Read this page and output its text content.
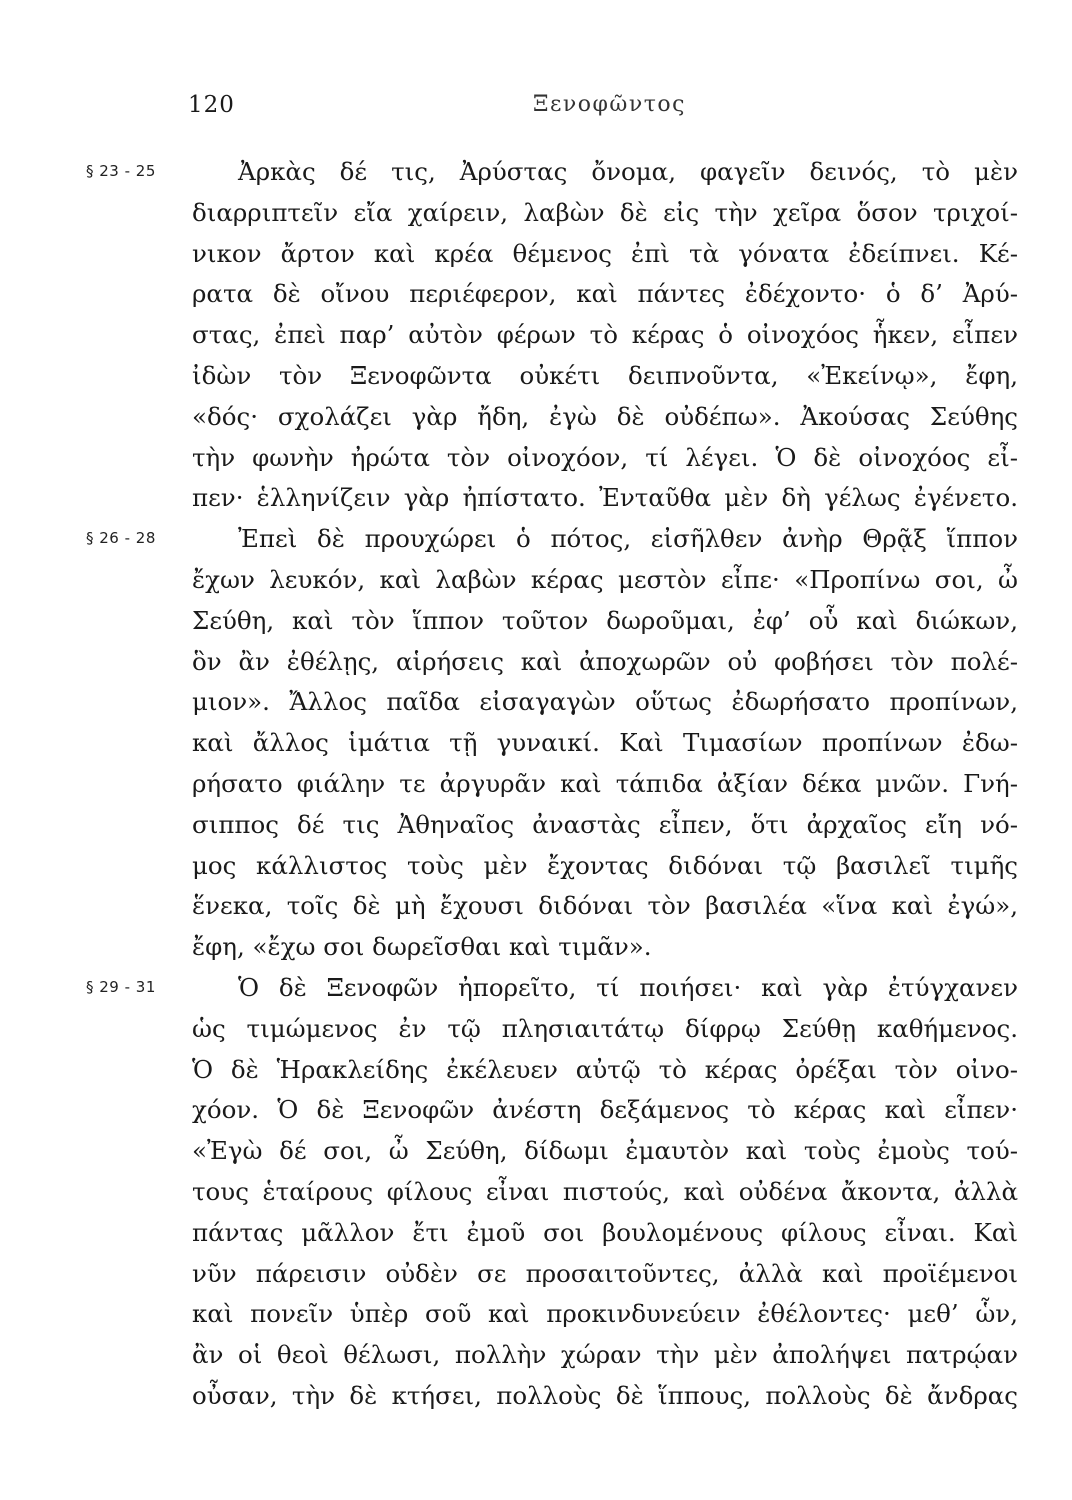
120	Ξενοφῶντος
§ 23 - 25
§ 26 - 28
§ 29 - 31
Ἀρκὰς δέ τις, Ἀρύστας ὄνομα, φαγεῖν δεινός, τὸ μὲν
διαρριπτεῖν εἴα χαίρειν, λαβὼν δὲ εἰς τὴν χεῖρα ὅσον τριχοί-
νικον ἄρτον καὶ κρέα θέμενος ἐπὶ τὰ γόνατα ἐδείπνει. Κέ-
ρατα δὲ οἴνου περιέφερον, καὶ πάντες ἐδέχοντο· ὁ δ’ Ἀρύ-
στας, ἐπεὶ παρ’ αὐτὸν φέρων τὸ κέρας ὁ οἰνοχόος ἧκεν, εἶπεν
ἰδὼν τὸν Ξενοφῶντα οὐκέτι δειπνοῦντα, «Ἐκείνῳ», ἔφη,
«δός· σχολάζει γὰρ ἤδη, ἐγὼ δὲ οὐδέπω». Ἀκούσας Σεύθης
τὴν φωνὴν ἠρώτα τὸν οἰνοχόον, τί λέγει. Ὁ δὲ οἰνοχόος εἶ-
πεν· ἑλληνίζειν γὰρ ἠπίστατο. Ἐνταῦθα μὲν δὴ γέλως ἐγένετο.
Ἐπεὶ δὲ προυχώρει ὁ πότος, εἰσῆλθεν ἀνὴρ Θρᾷξ ἵππον
ἔχων λευκόν, καὶ λαβὼν κέρας μεστὸν εἶπε· «Προπίνω σοι, ὦ
Σεύθη, καὶ τὸν ἵππον τοῦτον δωροῦμαι, ἐφ’ οὗ καὶ διώκων,
ὃν ἂν ἐθέλῃς, αἱρήσεις καὶ ἀποχωρῶν οὐ φοβήσει τὸν πολέ-
μιον». Ἄλλος παῖδα εἰσαγαγὼν οὕτως ἐδωρήσατο προπίνων,
καὶ ἄλλος ἱμάτια τῇ γυναικί. Καὶ Τιμασίων προπίνων ἐδω-
ρήσατο φιάλην τε ἀργυρᾶν καὶ τάπιδα ἀξίαν δέκα μνῶν. Γνή-
σιππος δέ τις Ἀθηναῖος ἀναστὰς εἶπεν, ὅτι ἀρχαῖος εἴη νό-
μος κάλλιστος τοὺς μὲν ἔχοντας διδόναι τῷ βασιλεῖ τιμῆς
ἕνεκα, τοῖς δὲ μὴ ἔχουσι διδόναι τὸν βασιλέα «ἵνα καὶ ἐγώ»,
ἔφη, «ἔχω σοι δωρεῖσθαι καὶ τιμᾶν».
Ὁ δὲ Ξενοφῶν ἠπορεῖτο, τί ποιήσει· καὶ γὰρ ἐτύγχανεν
ὡς τιμώμενος ἐν τῷ πλησιαιτάτῳ δίφρῳ Σεύθῃ καθήμενος.
Ὁ δὲ Ἡρακλείδης ἐκέλευεν αὐτῷ τὸ κέρας ὀρέξαι τὸν οἰνο-
χόον. Ὁ δὲ Ξενοφῶν ἀνέστη δεξάμενος τὸ κέρας καὶ εἶπεν·
«Ἐγὼ δέ σοι, ὦ Σεύθη, δίδωμι ἐμαυτὸν καὶ τοὺς ἐμοὺς τού-
τους ἑταίρους φίλους εἶναι πιστούς, καὶ οὐδένα ἄκοντα, ἀλλὰ
πάντας μᾶλλον ἔτι ἐμοῦ σοι βουλομένους φίλους εἶναι. Καὶ
νῦν πάρεισιν οὐδὲν σε προσαιτοῦντες, ἀλλὰ καὶ προϊέμενοι
καὶ πονεῖν ὑπὲρ σοῦ καὶ προκινδυνεύειν ἐθέλοντες· μεθ’ ὧν,
ἂν οἱ θεοὶ θέλωσι, πολλὴν χώραν τὴν μὲν ἀπολήψει πατρῴαν
οὖσαν, τὴν δὲ κτήσει, πολλοὺς δὲ ἵππους, πολλοὺς δὲ ἄνδρας
